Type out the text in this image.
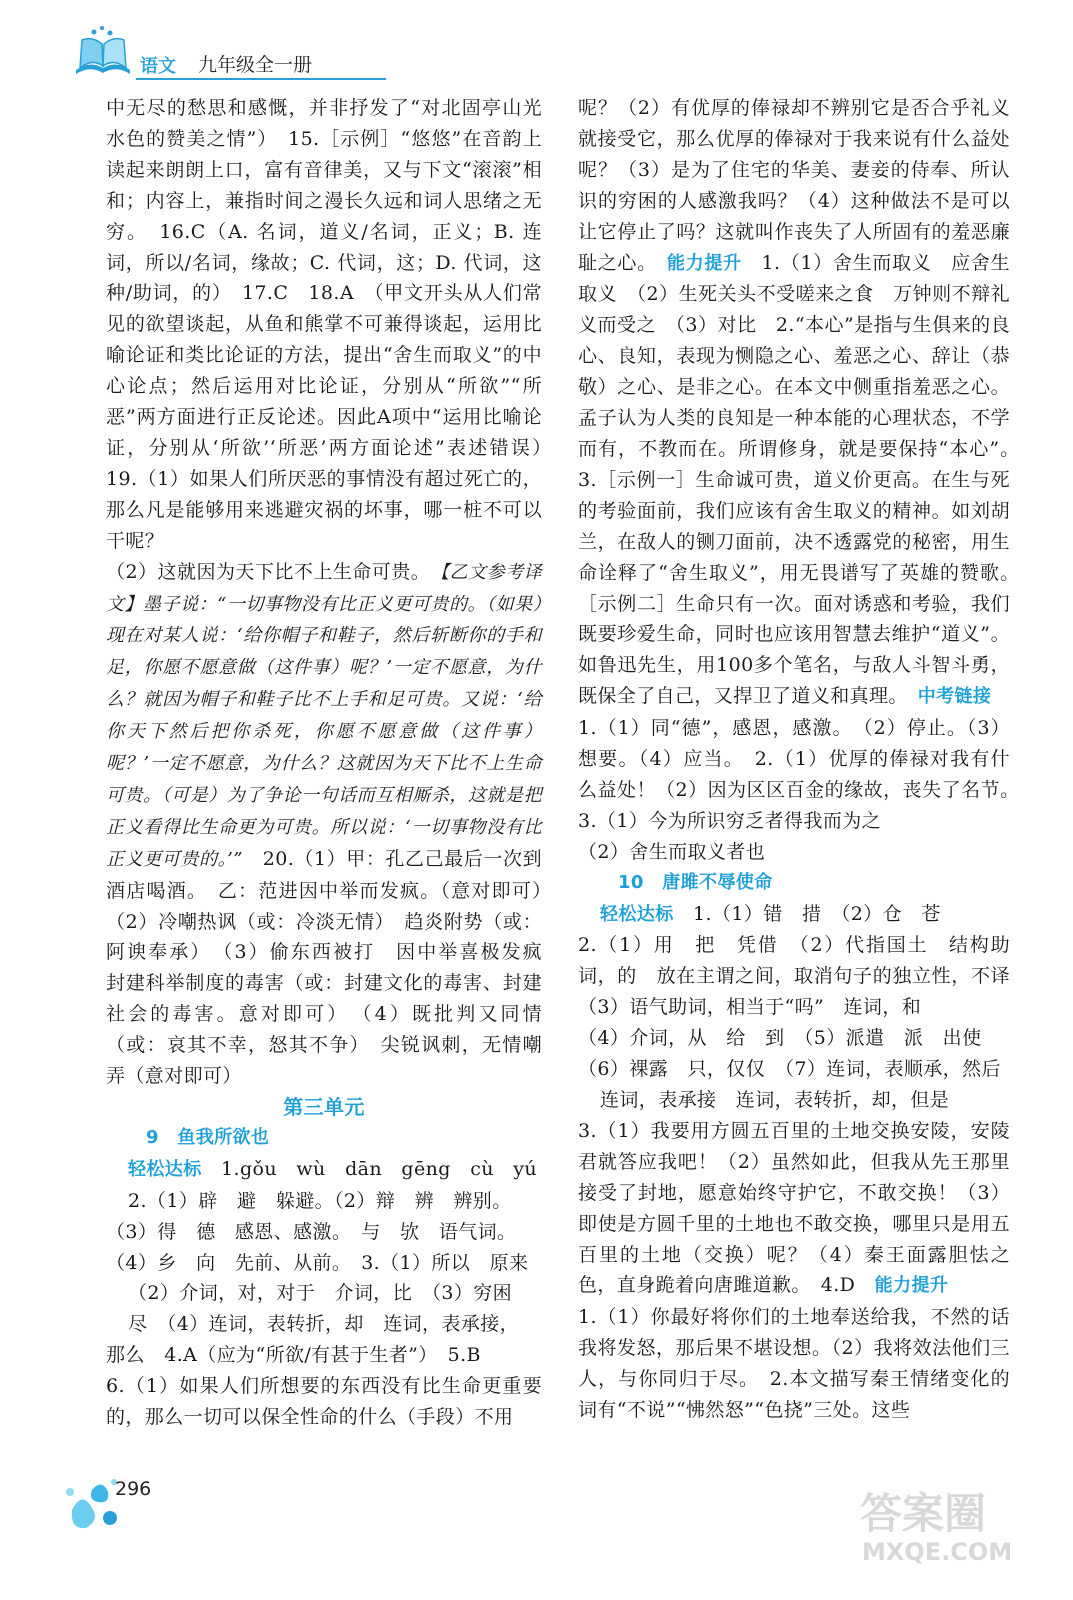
语文 九年级全一册

中无尽的愁思和感慨，并非抒发了“对北固亭山光水色的赞美之情”）　15.［示例］“悠悠”在音韵上读起来朗朗上口，富有音律美，又与下文“滚滚”相和；内容上，兼指时间之漫长久远和词人思绪之无穷。　16.C（A. 名词，道义/名词，正义；B. 连词，所以/名词，缘故；C. 代词，这；D. 代词，这种/助词，的）　17.C　18.A　（甲文开头从人们常见的欲望谈起，从鱼和熊掌不可兼得谈起，运用比喻论证和类比论证的方法，提出“舍生而取义”的中心论点；然后运用对比论证，分别从“所欲”“所恶”两方面进行正反论述。因此A项中“运用比喻论证，分别从‘所欲’‘所恶’两方面论述”表述错误）　19.（1）如果人们所厌恶的事情没有超过死亡的，那么凡是能够用来逃避灾祸的坏事，哪一桩不可以干呢？

（2）这就因为天下比不上生命可贵。　【乙文参考译文】墨子说：“一切事物没有比正义更可贵的。（如果）现在对某人说：‘给你帽子和鞋子，然后斩断你的手和足，你愿不愿意做（这件事）呢？’一定不愿意，为什么？就因为帽子和鞋子比不上手和足可贵。又说：‘给你天下然后把你杀死，你愿不愿意做（这件事）呢？’一定不愿意，为什么？这就因为天下比不上生命可贵。（可是）为了争论一句话而互相厮杀，这就是把正义看得比生命更为可贵。所以说：‘一切事物没有比正义更可贵的。’”　20.（1）甲：孔乙己最后一次到酒店喝酒。　乙：范进因中举而发疯。（意对即可）　（2）冷嘲热讽（或：冷淡无情）　趋炎附势（或：阿谀奉承）　（3）偷东西被打　因中举喜极发疯　封建科举制度的毒害（或：封建文化的毒害、封建社会的毒害。意对即可）　（4）既批判又同情（或：哀其不幸，怒其不争）　尖锐讽刺，无情嘲弄（意对即可）

第三单元

9　鱼我所欲也

轻松达标　 1.gǒu　wù　dān　gēng　cù　yú

2.（1）辟　避　躲避。（2）辩　辨　辨别。

（3）得　德　感恩、感激。　与　欤　语气词。

（4）乡　向　先前、从前。　3.（1）所以　原来

（2）介词，对，对于　介词，比　（3）穷困

尽　（4）连词，表转折，却　连词，表承接，

那么　4.A（应为“所欲/有甚于生者”）　5.B

6.（1）如果人们所想要的东西没有比生命更重要的，那么一切可以保全性命的什么（手段）不用

呢？（2）有优厚的俸禄却不辨别它是否合乎礼义就接受它，那么优厚的俸禄对于我来说有什么益处呢？（3）是为了住宅的华美、妻妾的侍奉、所认识的穷困的人感激我吗？（4）这种做法不是可以让它停止了吗？这就叫作丧失了人所固有的羞恶廉耻之心。　能力提升　1.（1）舍生而取义　应舍生取义　（2）生死关头不受嗟来之食　万钟则不辩礼义而受之　（3）对比　2.“本心”是指与生俱来的良心、良知，表现为恻隐之心、羞恶之心、辞让（恭敬）之心、是非之心。在本文中侧重指羞恶之心。孟子认为人类的良知是一种本能的心理状态，不学而有，不教而在。所谓修身，就是要保持“本心”。　3.［示例一］生命诚可贵，道义价更高。在生与死的考验面前，我们应该有舍生取义的精神。如刘胡兰，在敌人的铡刀面前，决不透露党的秘密，用生命诠释了“舍生取义”，用无畏谱写了英雄的赞歌。　［示例二］生命只有一次。面对诱惑和考验，我们既要珍爱生命，同时也应该用智慧去维护“道义”。如鲁迅先生，用100多个笔名，与敌人斗智斗勇，既保全了自己，又捍卫了道义和真理。　中考链接

1.（1）同“德”，感恩，感激。　（2）停止。（3）想要。（4）应当。　2.（1）优厚的俸禄对我有什么益处！（2）因为区区百金的缘故，丧失了名节。　3.（1）今为所识穷乏者得我而为之

（2）舍生而取义者也

10　唐雎不辱使命

轻松达标　 1.（1）错　措　（2）仓　苍

2.（1）用　把　凭借　（2）代指国土　结构助词，的　放在主谓之间，取消句子的独立性，不译　（3）语气助词，相当于“吗”　连词，和

（4）介词，从　给　到　（5）派遣　派　出使

（6）裸露　只，仅仅　（7）连词，表顺承，然后

连词，表承接　连词，表转折，却，但是

3.（1）我要用方圆五百里的土地交换安陵，安陵君就答应我吧！（2）虽然如此，但我从先王那里接受了封地，愿意始终守护它，不敢交换！（3）即使是方圆千里的土地也不敢交换，哪里只是用五百里的土地（交换）呢？（4）秦王面露胆怯之色，直身跪着向唐雎道歉。　4.D　能力提升

1.（1）你最好将你们的土地奉送给我，不然的话我将发怒，那后果不堪设想。（2）我将效法他们三人，与你同归于尽。　2.本文描写秦王情绪变化的词有“不说”“怫然怒”“色挠”三处。这些

296	答案圈
MXQE.COM
